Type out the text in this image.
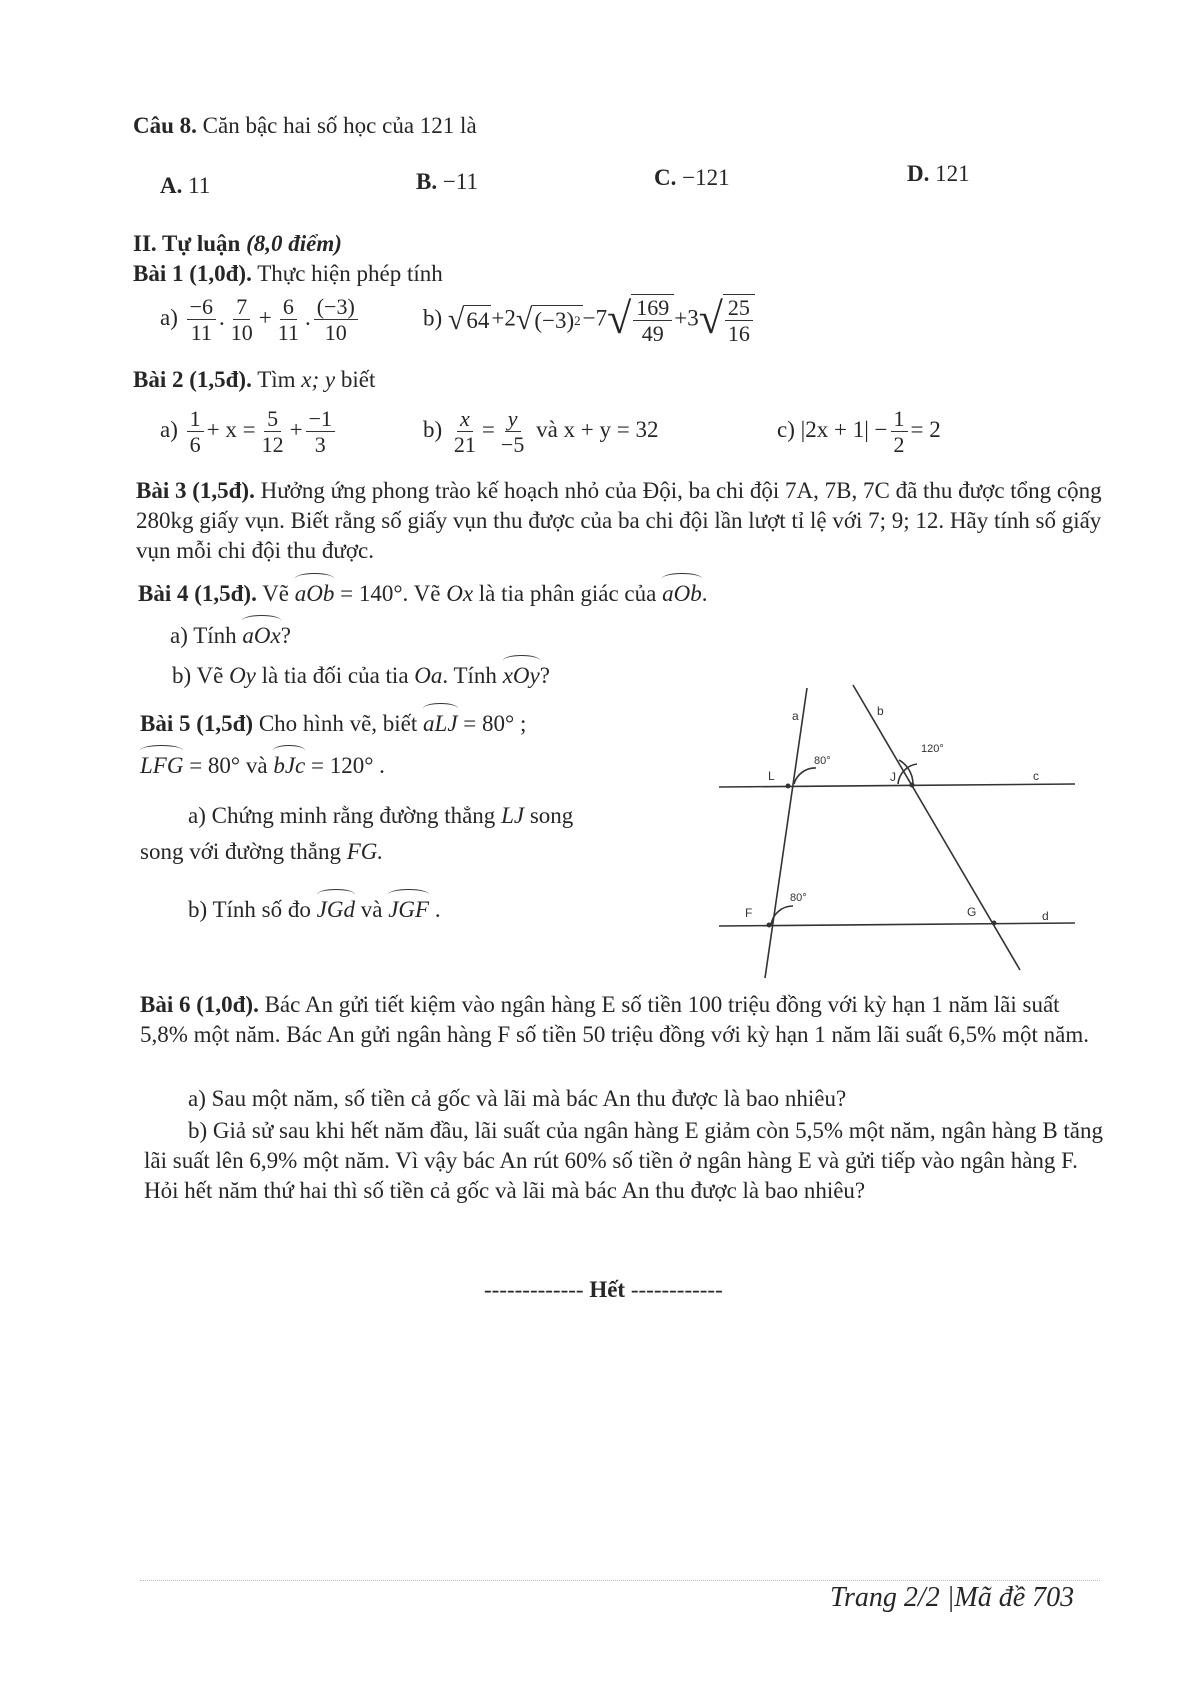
Câu 8. Căn bậc hai số học của 121 là
A. 11	B. −11	C. −121	D. 121
II. Tự luận (8,0 điểm)
Bài 1 (1,0đ). Thực hiện phép tính
$a) \frac{-6}{11}$ . $\frac{7}{10} + \frac{6}{11}$ . $\frac{(-3)}{10}$	b) √ 64 +2 √ (−3) 2 −7 √ $\frac{169}{49} +3$ √ $\frac{25}{16}$
Bài 2 (1,5đ). Tìm x; y biết
$a) \frac{1}{6} + x = \frac{5}{12} + \frac{-1}{3}$	$b) \frac{x}{21} = \frac{y}{-5}$ và x + y = 32	c) $|2x + 1| - \frac{1}{2} = 2$
Bài 3 (1,5đ). Hưởng ứng phong trào kế hoạch nhỏ của Đội, ba chi đội 7A, 7B, 7C đã thu được tổng cộng 280kg giấy vụn. Biết rằng số giấy vụn thu được của ba chi đội lần lượt tỉ lệ với 7; 9; 12. Hãy tính số giấy vụn mỗi chi đội thu được.
Bài 4 (1,5đ). Vẽ aOb = 140°. Vẽ Ox là tia phân giác của aOb.
a) Tính aOx?
b) Vẽ Oy là tia đối của tia Oa. Tính xOy?
Bài 5 (1,5đ) Cho hình vẽ, biết aLJ = 80° ;
LFG = 80° và bJc = 120° .
a) Chứng minh rằng đường thẳng LJ song
song với đường thẳng FG.
b) Tính số đo JGd và JGF .
a	b
c
d
L	J
F	G
80°
120°
80°
Bài 6 (1,0đ). Bác An gửi tiết kiệm vào ngân hàng E số tiền 100 triệu đồng với kỳ hạn 1 năm lãi suất 5,8% một năm. Bác An gửi ngân hàng F số tiền 50 triệu đồng với kỳ hạn 1 năm lãi suất 6,5% một năm.
a) Sau một năm, số tiền cả gốc và lãi mà bác An thu được là bao nhiêu?
b) Giả sử sau khi hết năm đầu, lãi suất của ngân hàng E giảm còn 5,5% một năm, ngân hàng B tăng lãi suất lên 6,9% một năm. Vì vậy bác An rút 60% số tiền ở ngân hàng E và gửi tiếp vào ngân hàng F. Hỏi hết năm thứ hai thì số tiền cả gốc và lãi mà bác An thu được là bao nhiêu?
------------- Hết ------------
Trang 2/2 |Mã đề 703
